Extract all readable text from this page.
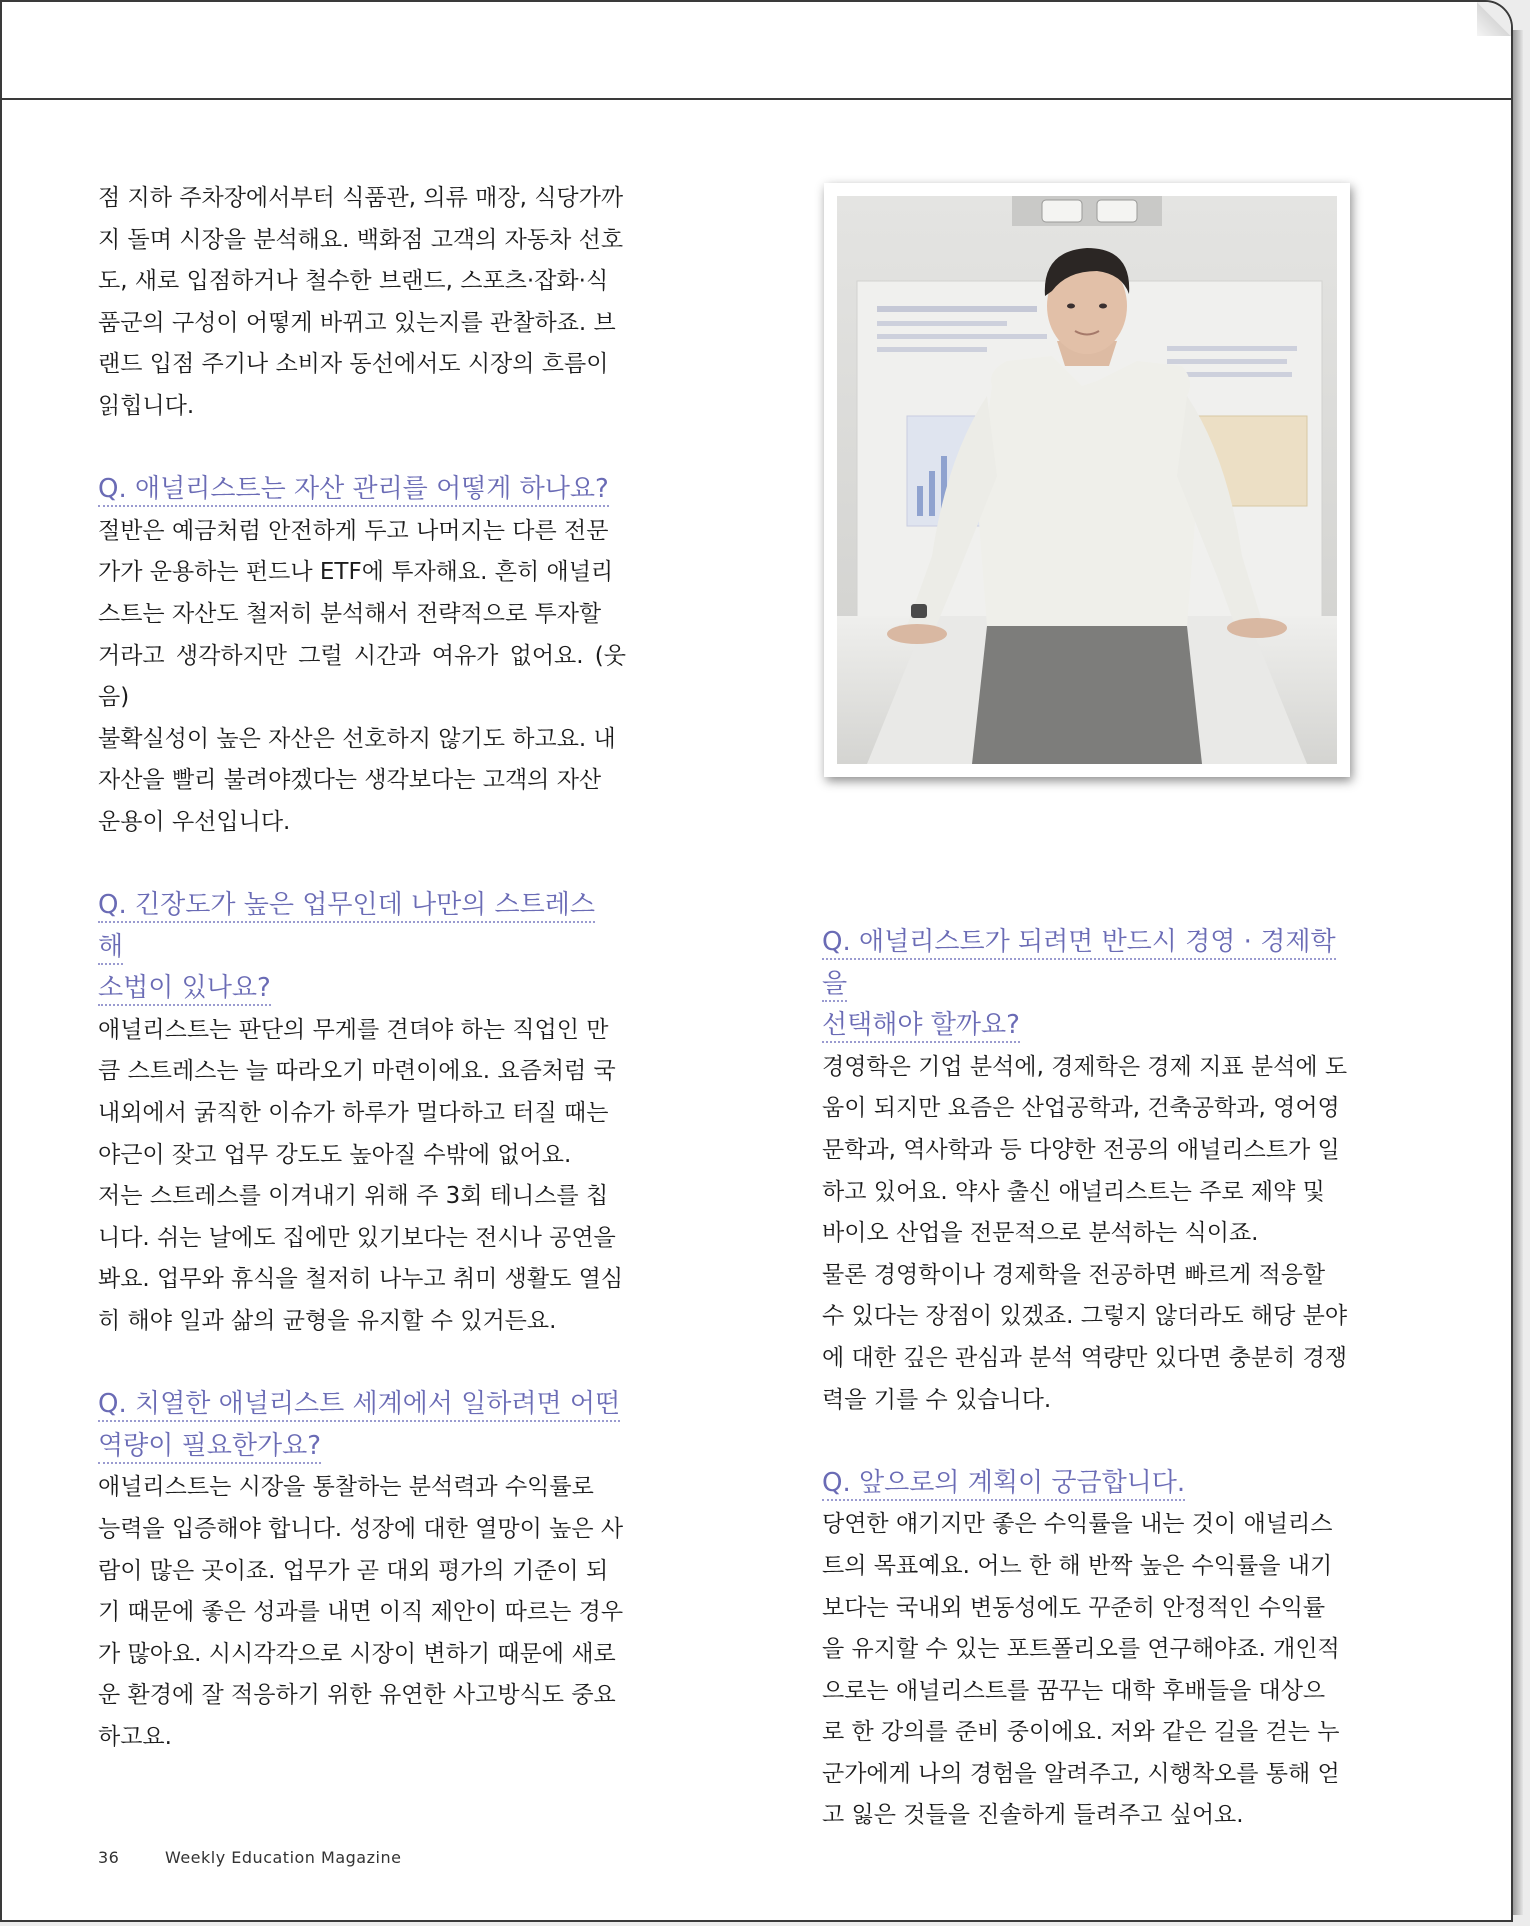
점 지하 주차장에서부터 식품관, 의류 매장, 식당가까

지 돌며 시장을 분석해요. 백화점 고객의 자동차 선호

도, 새로 입점하거나 철수한 브랜드, 스포츠·잡화·식

품군의 구성이 어떻게 바뀌고 있는지를 관찰하죠. 브

랜드 입점 주기나 소비자 동선에서도 시장의 흐름이

읽힙니다.

Q. 애널리스트는 자산 관리를 어떻게 하나요?

절반은 예금처럼 안전하게 두고 나머지는 다른 전문

가가 운용하는 펀드나 ETF에 투자해요. 흔히 애널리

스트는 자산도 철저히 분석해서 전략적으로 투자할

거라고 생각하지만 그럴 시간과 여유가 없어요. (웃음)

불확실성이 높은 자산은 선호하지 않기도 하고요. 내

자산을 빨리 불려야겠다는 생각보다는 고객의 자산

운용이 우선입니다.

Q. 긴장도가 높은 업무인데 나만의 스트레스 해

소법이 있나요?

애널리스트는 판단의 무게를 견뎌야 하는 직업인 만

큼 스트레스는 늘 따라오기 마련이에요. 요즘처럼 국

내외에서 굵직한 이슈가 하루가 멀다하고 터질 때는

야근이 잦고 업무 강도도 높아질 수밖에 없어요.

저는 스트레스를 이겨내기 위해 주 3회 테니스를 칩

니다. 쉬는 날에도 집에만 있기보다는 전시나 공연을

봐요. 업무와 휴식을 철저히 나누고 취미 생활도 열심

히 해야 일과 삶의 균형을 유지할 수 있거든요.

Q. 치열한 애널리스트 세계에서 일하려면 어떤

역량이 필요한가요?

애널리스트는 시장을 통찰하는 분석력과 수익률로

능력을 입증해야 합니다. 성장에 대한 열망이 높은 사

람이 많은 곳이죠. 업무가 곧 대외 평가의 기준이 되

기 때문에 좋은 성과를 내면 이직 제안이 따르는 경우

가 많아요. 시시각각으로 시장이 변하기 때문에 새로

운 환경에 잘 적응하기 위한 유연한 사고방식도 중요

하고요.

Q. 애널리스트가 되려면 반드시 경영 · 경제학을

선택해야 할까요?

경영학은 기업 분석에, 경제학은 경제 지표 분석에 도

움이 되지만 요즘은 산업공학과, 건축공학과, 영어영

문학과, 역사학과 등 다양한 전공의 애널리스트가 일

하고 있어요. 약사 출신 애널리스트는 주로 제약 및

바이오 산업을 전문적으로 분석하는 식이죠.

물론 경영학이나 경제학을 전공하면 빠르게 적응할

수 있다는 장점이 있겠죠. 그렇지 않더라도 해당 분야

에 대한 깊은 관심과 분석 역량만 있다면 충분히 경쟁

력을 기를 수 있습니다.

Q. 앞으로의 계획이 궁금합니다.

당연한 얘기지만 좋은 수익률을 내는 것이 애널리스

트의 목표예요. 어느 한 해 반짝 높은 수익률을 내기

보다는 국내외 변동성에도 꾸준히 안정적인 수익률

을 유지할 수 있는 포트폴리오를 연구해야죠. 개인적

으로는 애널리스트를 꿈꾸는 대학 후배들을 대상으

로 한 강의를 준비 중이에요. 저와 같은 길을 걷는 누

군가에게 나의 경험을 알려주고, 시행착오를 통해 얻

고 잃은 것들을 진솔하게 들려주고 싶어요.

36	Weekly Education Magazine
